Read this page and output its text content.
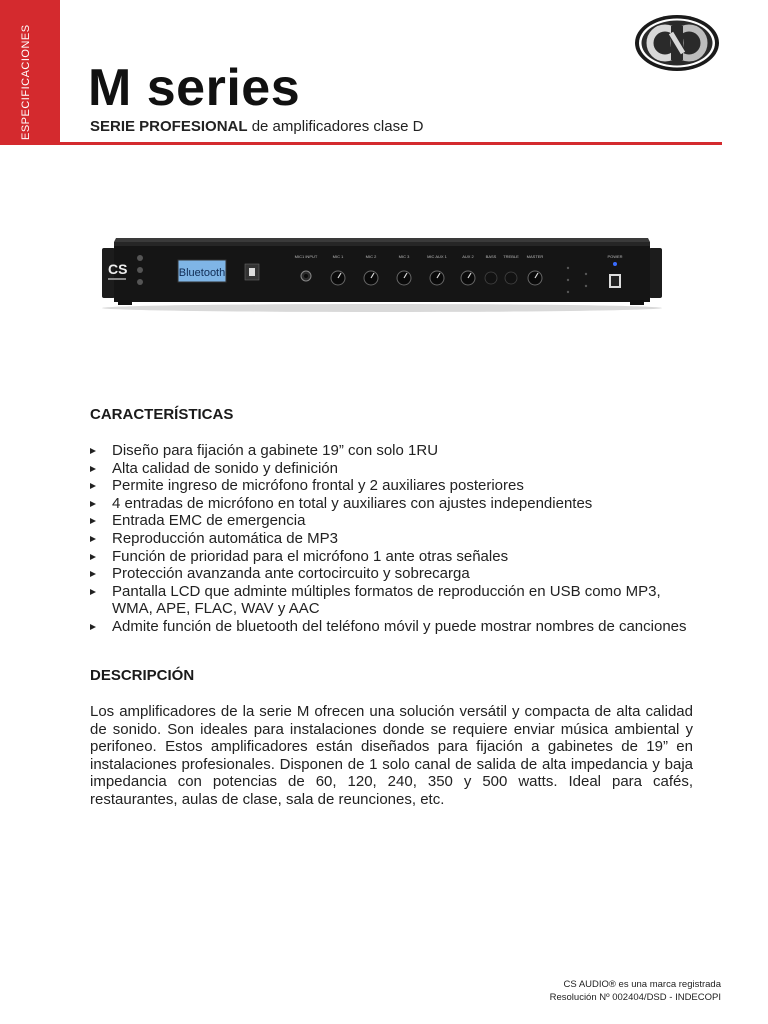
ESPECIFICACIONES M series
SERIE PROFESIONAL de amplificadores clase D
CS	Bluetooth
MIC1 INPUT	MIC 1	MIC 2	MIC 3	MIC AUX 1	AUX 2	BASS TREBLE MASTER	POWER
CARACTERÍSTICAS
Diseño para fijación a gabinete 19” con solo 1RU
Alta calidad de sonido y definición
Permite ingreso de micrófono frontal y 2 auxiliares posteriores
4 entradas de micrófono en total y auxiliares con ajustes independientes
Entrada EMC de emergencia
Reproducción automática de MP3
Función de prioridad para el micrófono 1 ante otras señales
Protección avanzanda ante cortocircuito y sobrecarga
Pantalla LCD que adminte múltiples formatos de reproducción en USB como MP3, WMA, APE, FLAC, WAV y AAC
Admite función de bluetooth del teléfono móvil y puede mostrar nombres de canciones
DESCRIPCIÓN

Los amplificadores de la serie M ofrecen una solución versátil y compacta de alta calidad de sonido. Son ideales para instalaciones donde se requiere enviar música ambiental y perifoneo. Estos amplificadores están diseñados para fijación a gabinetes de 19” en instalaciones profesionales. Disponen de 1 solo canal de salida de alta impedancia y baja impedancia con potencias de 60, 120, 240, 350 y 500 watts. Ideal para cafés, restaurantes, aulas de clase, sala de reunciones, etc.

CS AUDIO® es una marca registrada
Resolución Nº 002404/DSD - INDECOPI
